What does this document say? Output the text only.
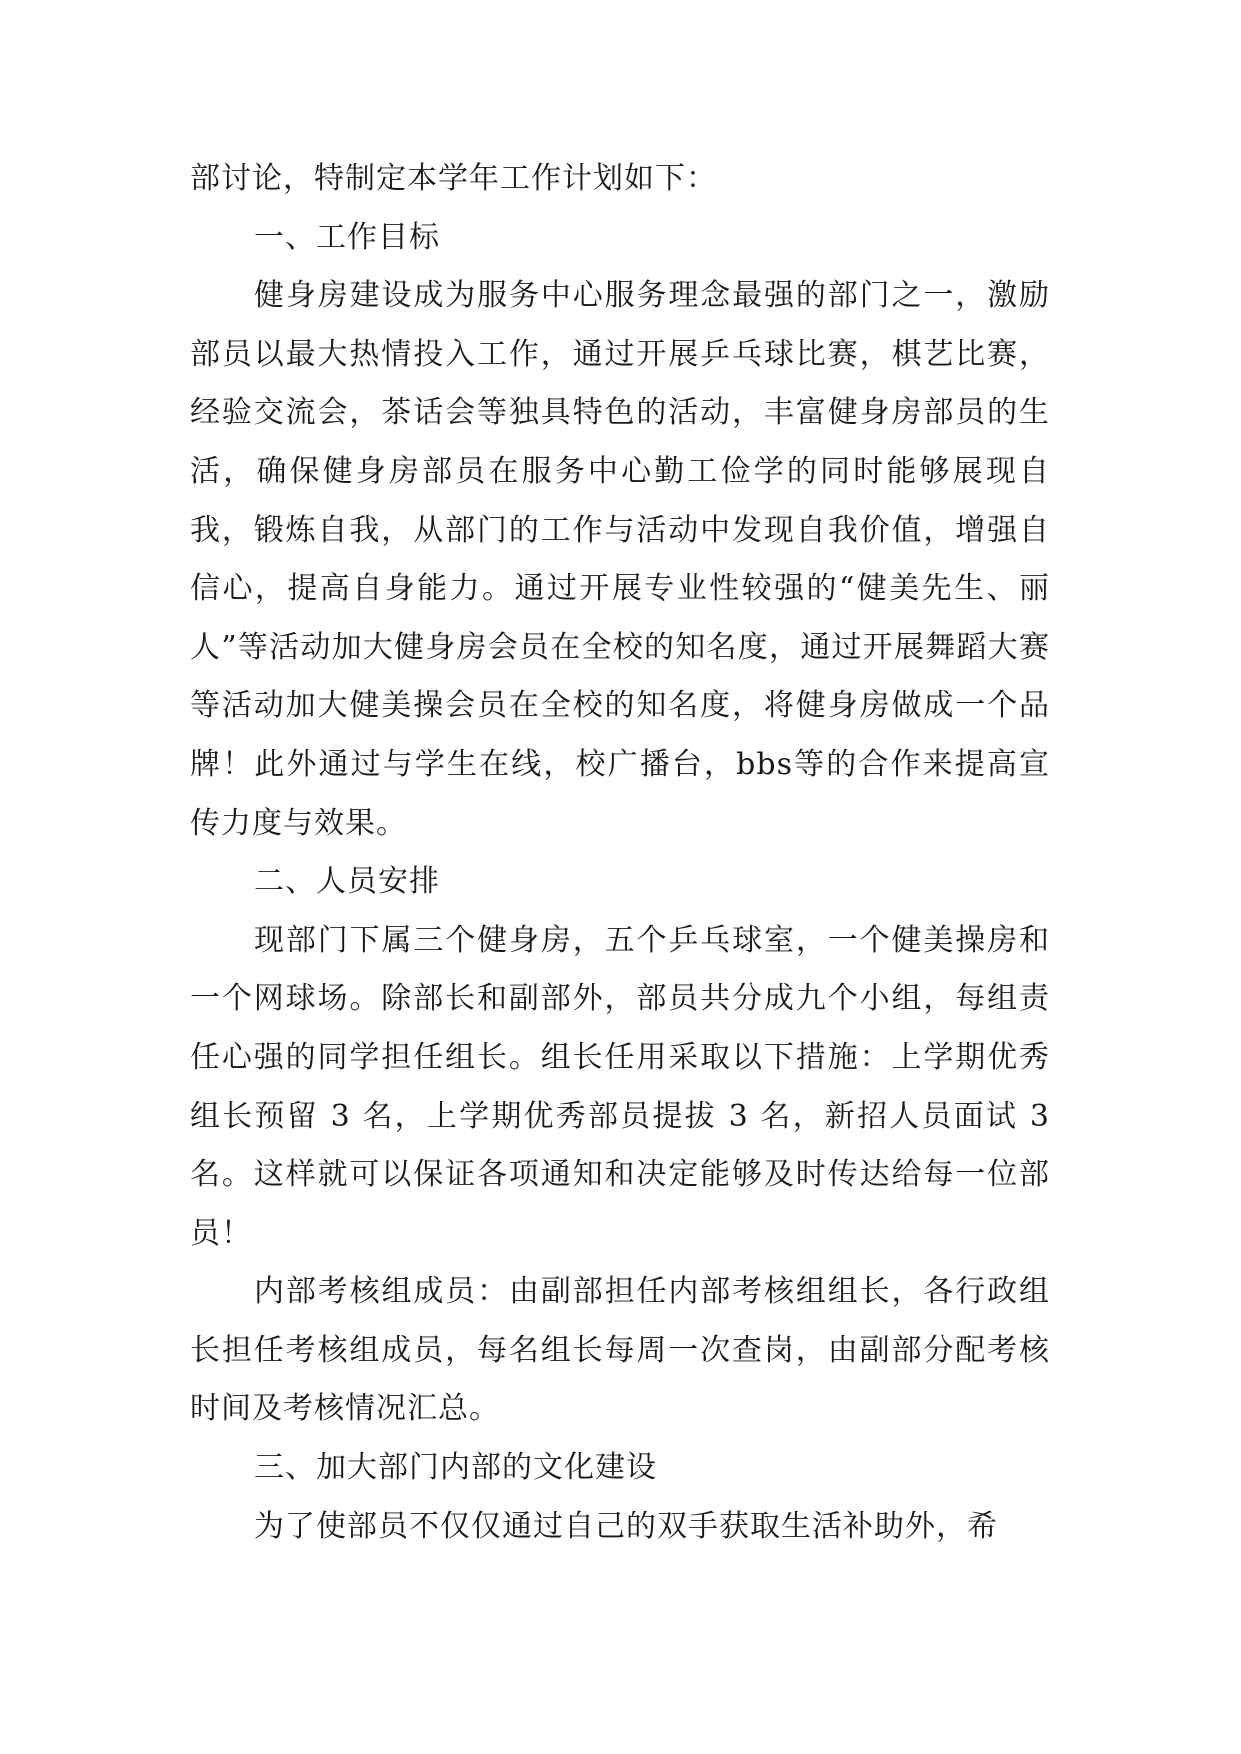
部讨论，特制定本学年工作计划如下：

一、工作目标

健身房建设成为服务中心服务理念最强的部门之一，激励部员以最大热情投入工作，通过开展乒乓球比赛，棋艺比赛，经验交流会，茶话会等独具特色的活动，丰富健身房部员的生活，确保健身房部员在服务中心勤工俭学的同时能够展现自我，锻炼自我，从部门的工作与活动中发现自我价值，增强自信心，提高自身能力。通过开展专业性较强的“健美先生、丽人”等活动加大健身房会员在全校的知名度，通过开展舞蹈大赛等活动加大健美操会员在全校的知名度，将健身房做成一个品牌！此外通过与学生在线，校广播台，bbs等的合作来提高宣传力度与效果。

二、人员安排

现部门下属三个健身房，五个乒乓球室，一个健美操房和一个网球场。除部长和副部外，部员共分成九个小组，每组责任心强的同学担任组长。组长任用采取以下措施：上学期优秀组长预留 3 名，上学期优秀部员提拔 3 名，新招人员面试 3 名。这样就可以保证各项通知和决定能够及时传达给每一位部员！

内部考核组成员：由副部担任内部考核组组长，各行政组长担任考核组成员，每名组长每周一次查岗，由副部分配考核时间及考核情况汇总。

三、加大部门内部的文化建设

为了使部员不仅仅通过自己的双手获取生活补助外，希
